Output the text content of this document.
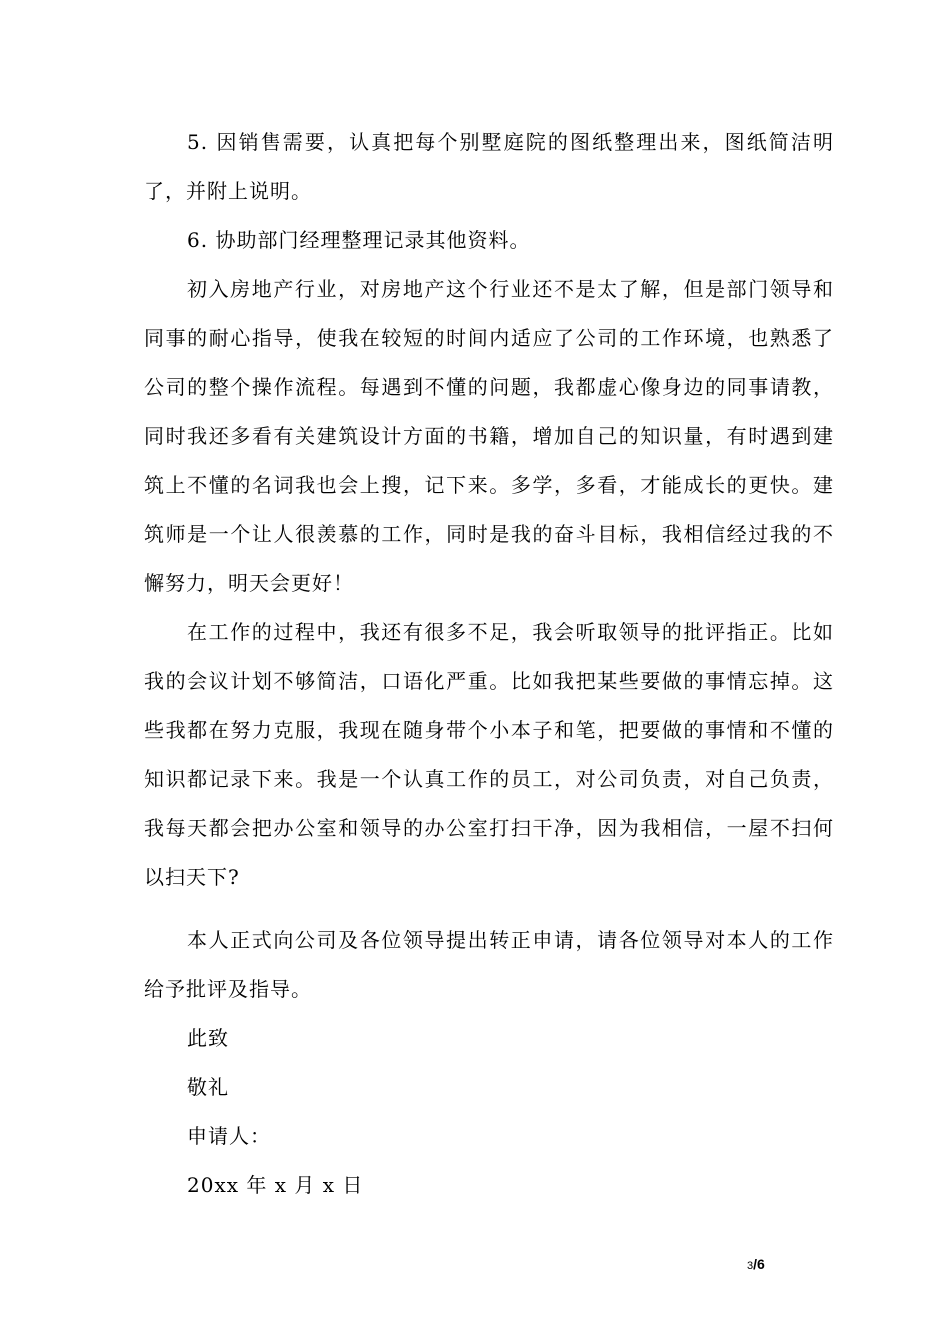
5. 因销售需要，认真把每个别墅庭院的图纸整理出来，图纸简洁明了，并附上说明。

6. 协助部门经理整理记录其他资料。

初入房地产行业，对房地产这个行业还不是太了解，但是部门领导和同事的耐心指导，使我在较短的时间内适应了公司的工作环境，也熟悉了公司的整个操作流程。每遇到不懂的问题，我都虚心像身边的同事请教，同时我还多看有关建筑设计方面的书籍，增加自己的知识量，有时遇到建筑上不懂的名词我也会上搜，记下来。多学，多看，才能成长的更快。建筑师是一个让人很羡慕的工作，同时是我的奋斗目标，我相信经过我的不懈努力，明天会更好！

在工作的过程中，我还有很多不足，我会听取领导的批评指正。比如我的会议计划不够简洁，口语化严重。比如我把某些要做的事情忘掉。这些我都在努力克服，我现在随身带个小本子和笔，把要做的事情和不懂的知识都记录下来。我是一个认真工作的员工，对公司负责，对自己负责，我每天都会把办公室和领导的办公室打扫干净，因为我相信，一屋不扫何以扫天下?

本人正式向公司及各位领导提出转正申请，请各位领导对本人的工作给予批评及指导。

此致

敬礼

申请人：

20xx 年 x 月 x 日

3/6
